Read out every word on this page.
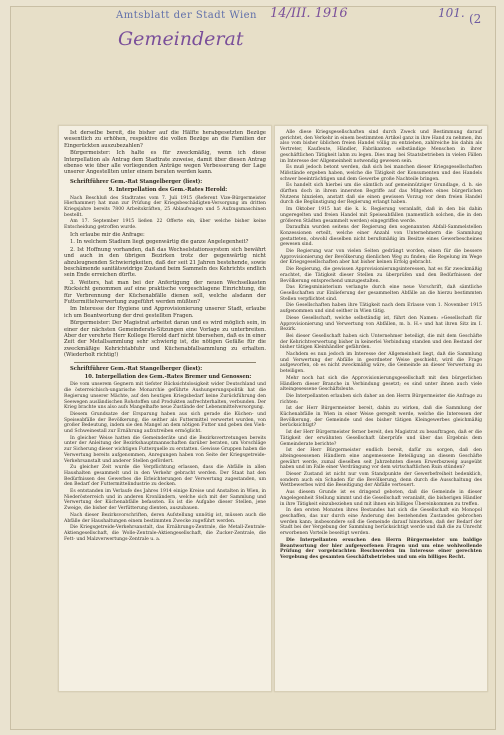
Amtsblatt der Stadt Wien 14/III. 1916	101. (2
Gemeinderat

Ist derselbe bereit, die bisher auf die Hälfte herabgesetzten Bezüge wesentlich zu erhöhen, respektive die vollen Bezüge an die Familien der Eingerückten auszubezahlen?

Bürgermeister: Ich halte es für zweckmäßig, wenn ich diese Interpellation als Antrag dem Stadtrate zuweise, damit über diesen Antrag ebenso wie über alle vorliegenden Anträge wegen Verbesserung der Lage unserer Angestellten unter einem beraten werden kann.

Schriftführer Gem.-Rat Stangelberger (liest):

9. Interpellation des Gem.-Rates Herold:

Nach Beschluß des Stadtrates vom 7. Juli 1915 (Referent Vize-Bürgermeister Hierhammer) hat man zur Prüfung der Kriegsbeschädigten-Versorgung im dritten Kriegsjahre bereits 7800 Arbeitskräften, 25 Ablaufwagen und 5 Aufzugsmaschinen bestellt.

Am 17. September 1915 ließen 22 Offerte ein, über welche bisher keine Entscheidung getroffen wurde.

Ich erlaube mir die Anfrage:

1. In welchem Stadium liegt gegenwärtig die ganze Angelegenheit?

2. Ist Hoffnung vorhanden, daß das Wechselstationssystem sich bewährt und auch in den übrigen Bezirken trotz der gegenwärtig nicht abzuleugnenden Schwierigkeiten, daß der seit 21 Jahren bestehende, sowie beschämende sanitätswidrige Zustand beim Sammeln des Kehrichts endlich sein Ende erreichen dürfte.

3. Weiters, hat man bei der Anfertigung der neuen Wechselkasten Rücksicht genommen auf eine praktische vorgeschlagene Einrichtung, die für Verbrennung der Küchenabfälle dienen soll, welche alsdann der Futtermittelverwertung zugeführt werden müßten?

Im Interesse der Hygiene und Approvisionierung unserer Stadt, erlaube ich um Beantwortung der drei gestellten Fragen.

Bürgermeister: Der Magistrat arbeitet daran und es wird möglich sein, in einer der nächsten Gemeinderats-Sitzungen eine Vorlage zu unterbreiten. Aber der verehrte Herr Kollege Herold darf nicht übersehen, daß es in einer Zeit der Metallsammlung sehr schwierig ist, die nötigen Gefäße für die zweckmäßige Kehrichtabfuhr und Küchenabfallsammlung zu erhalten. (Wiederholt richtig!)

Schriftführer Gem.-Rat Stangelberger (liest):

10. Interpellation des Gem.-Rates Bremer und Genossen:

Die vom unserem Gegnern mit tiefster Rücksichtslosigkeit wider Deutschland und die österreichisch-ungarische Monarchie geführte Aushungerungspolitik hat die Regierung unserer Mächte, auf den heutigen Kriegsbedarf keine Zurückführung den Seewegen ausländischen Rohstoffen und Produkten aufrechterhalten, verbunden. Der Krieg brachte uns also aufs Mangelhafte neue Zustände der Lebensmittelversorgung.

Diesem Grundsatze der Ersparung haben aus sich gerade die Küchen- und Speiseabfälle der Bevölkerung, die seither als Futtermittel verwertet wurden, von großer Bedeutung, indem sie den Mangel an dem nötigen Futter und geben den Vieh- und Schweinestall zur Ernährung aufzutreiben ermöglicht.

In gleicher Weise hatten die Gemeinderäte und die Bezirksvertretungen bereits unter der Anleitung der Bezirkshauptmannschaften darüber beraten, um Vorschläge zur Sicherung dieser wichtigen Futterquelle zu erstatten. Gewisse Gruppen haben die Verwertung bereits aufgenommen, Anregungen haben von Seite der Kriegsgetreide-Verkehrsanstalt und anderer Stellen gefördert.

Zu gleicher Zeit wurde die Verpflichtung erlassen, dass die Abfälle in allen Haushalten gesammelt und in den Verkehr gebracht werden. Der Staat hat den Bedürfnissen des Gewerbes die Erleichterungen der Verwertung zugestanden, um den Bedarf der Futtermittelindustrie zu decken.

Es entstanden im Verlaufe des Jahres 1914 einige Kreise und Anstalten in Wien, in Niederösterreich und in anderen Kronländern, welche sich mit der Sammlung und Verwertung der Küchenabfälle befassten. Es ist die Aufgabe dieser Stellen, jene Zweige, die bisher der Verfütterung dienten, auszubauen.

Nach dieser Bezirksvorschriften, deren Aufstellung unnötig ist, müssen auch die Abfälle der Haushaltungen einem bestimmten Zwecke zugeführt werden.

Die Kriegsgetreide-Verkehrsanstalt, das Ernährungs-Zentrale, die Metall-Zentrale-Aktiengesellschaft, die Wolle-Zentrale-Aktiengesellschaft, die Zucker-Zentrale, die Fett- und Malzverwertungs-Zentrale u. a.

Alle diese Kriegsgesellschaften sind durch Zweck und Bestimmung darauf gerichtet, den Verkehr in einem bestimmten Artikel ganz in ihre Hand zu nehmen, ihn also vom bisher üblichen freien Handel völlig zu entziehen, zahlreiche bis dahin als Vertreter, Kaufleute, Händler, Fabrikanten selbständige Menschen in ihrer geschäftlichen Tätigkeit lahm zu legen. Dies mag bei Staatsbetrieben in vielen Fällen im Interesse der Allgemeinheit notwendig gewesen sein.

Es muß jedoch betont werden, daß sich bei manchen dieser Kriegsgesellschaften Mißstände ergeben haben, welche die Tätigkeit der Konsumenten und des Handels schwer beeinträchtigen und dem Gewerbe große Nachteile bringen.

Es handelt sich hierbei um die sämtlich auf gemeinnütziger Grundlage, d. h. sie dürften doch in ihrem innersten Begriffe auf das Mitgehen eines bürgerlichen Nutzens hinzielen, anstatt daß sie einen gewissen Vorzug vor dem freien Handel durch die Begünstigung der Regierung erlangt haben.

Im Oktober 1915 hat die k. k. Regierung veranlaßt, daß in den bis dahin ungeregelten und freien Handel mit Speiseabfällen (namentlich solchen, die in den größeren Städten gesammelt werden) eingegriffen werde.

Daraufhin wurden seitens der Regierung den sogenannten Abfall-Sammelstellen Konzessionen erteilt, welche einer Anzahl von Unternehmern die Sammlung gestatteten, obwohl dieselben nicht berufsmäßig im Besitze eines Gewerbescheines gewesen sind.

Die Regierung war von vielen Seiten gedrängt worden, einen für die bessere Approvisionierung der Bevölkerung dienlichen Weg zu finden; die Regelung im Wege der Kriegsgesellschaften aber hat bisher keinen Erfolg gebracht.

Die Regierung, die gewissen Approvisionierungsinteressen, hat es für zweckmäßig erachtet, die Tätigkeit dieser Stellen zu überprüfen und den Bedürfnissen der Bevölkerung entsprechend umzugestalten.

Das Kriegsministerium verlangte durch eine neue Vorschrift, daß sämtliche Gesellschaften zur Einlieferung der gesammelten Abfälle an die hierzu bestimmten Stellen verpflichtet sind.

Die Gesellschaften haben ihre Tätigkeit nach dem Erlasse vom 1. November 1915 aufgenommen und sind seither in Wien tätig.

Diese Gesellschaft, welche selbständig ist, führt den Namen: »Gesellschaft für Approvisionierung und Verwertung von Abfällen, m. b. H.« und hat ihren Sitz im I. Bezirk.

Bei dieser Gesellschaft haben sich Unternehmer beteiligt, die mit dem Geschäfte der Kehrichtverwertung bisher in keinerlei Verbindung standen und den Bestand der bisher tätigen Kleinhändler gefährden.

Nachdem es nun jedoch im Interesse der Allgemeinheit liegt, daß die Sammlung und Verwertung der Abfälle in geordneter Weise geschieht, wird die Frage aufgeworfen, ob es nicht zweckmäßig wäre, die Gemeinde an dieser Verwertung zu beteiligen.

Mehr noch hat sich die Approvisionierungsgesellschaft mit den bürgerlichen Händlern dieser Branche in Verbindung gesetzt; es sind unter ihnen auch viele alteingesessene Geschäftsleute.

Die Interpellanten erlauben sich daher an den Herrn Bürgermeister die Anfrage zu richten:

Ist der Herr Bürgermeister bereit, dahin zu wirken, daß die Sammlung der Küchenabfälle in Wien in einer Weise geregelt werde, welche die Interessen der Bevölkerung, der Gemeinde und des bisher tätigen Kleingewerbes gleichmäßig berücksichtigt?

Ist der Herr Bürgermeister ferner bereit, den Magistrat zu beauftragen, daß er die Tätigkeit der erwähnten Gesellschaft überprüfe und über das Ergebnis dem Gemeinderate berichte?

Ist der Herr Bürgermeister endlich bereit, dafür zu sorgen, daß den alteingesessenen Händlern eine angemessene Beteiligung an diesem Geschäfte gewährt werde, zumal dieselben seit Jahrzehnten diesen Erwerbszweig ausgeübt haben und im Falle einer Verdrängung vor dem wirtschaftlichen Ruin stünden?

Dieser Zustand ist nicht nur vom Standpunkte der Gewerbefreiheit bedenklich, sondern auch ein Schaden für die Bevölkerung, denn durch die Ausschaltung des Wettbewerbes wird die Beseitigung der Abfälle verteuert.

Aus diesem Grunde ist es dringend geboten, daß die Gemeinde in dieser Angelegenheit Stellung nimmt und die Gesellschaft veranlaßt, die bisherigen Händler in ihre Tätigkeit einzubeziehen und mit ihnen ein billiges Übereinkommen zu treffen.

In den ersten Monaten ihres Bestandes hat sich die Gesellschaft ein Monopol geschaffen, das nur durch eine Änderung des bestehenden Zustandes gebrochen werden kann; insbesondere soll die Gemeinde darauf hinwirken, daß der Bedarf der Stadt bei der Vergebung der Sammlung berücksichtigt werde und daß die zu Unrecht erworbenen Vorteile beseitigt werden.

Die Interpellanten ersuchen den Herrn Bürgermeister um baldige Beantwortung der hier aufgeworfenen Fragen und um eine wohlwollende Prüfung der vorgebrachten Beschwerden im Interesse einer gerechten Vergebung des gesamten Geschäftsbetriebes und um ein billiges Recht.
